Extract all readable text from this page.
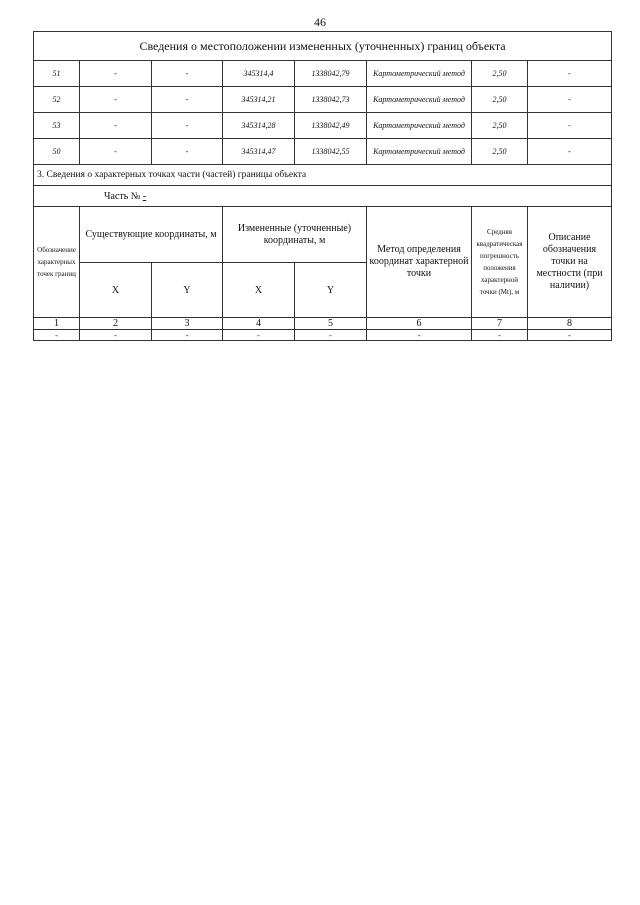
46
Сведения о местоположении измененных (уточненных) границ объекта							
51	-	-	345314,4	1338042,79	Картометрический метод	2,50	-
52	-	-	345314,21	1338042,73	Картометрический метод	2,50	-
53	-	-	345314,28	1338042,49	Картометрический метод	2,50	-
50	-	-	345314,47	1338042,55	Картометрический метод	2,50	-
3. Сведения о характерных точках части (частей) границы объекта							
Часть № -							
Обозначение характерных точек границ	Существующие координаты, м		Измененные (уточненные) координаты, м		Метод определения координат характерной точки	Средняя квадратическая погрешность положения характерной точки (Mt), м	Описание обозначения точки на местности (при наличии)
	X	Y	X	Y			
1	2	3	4	5	6	7	8
-	-	-	-	-	-	-	-
